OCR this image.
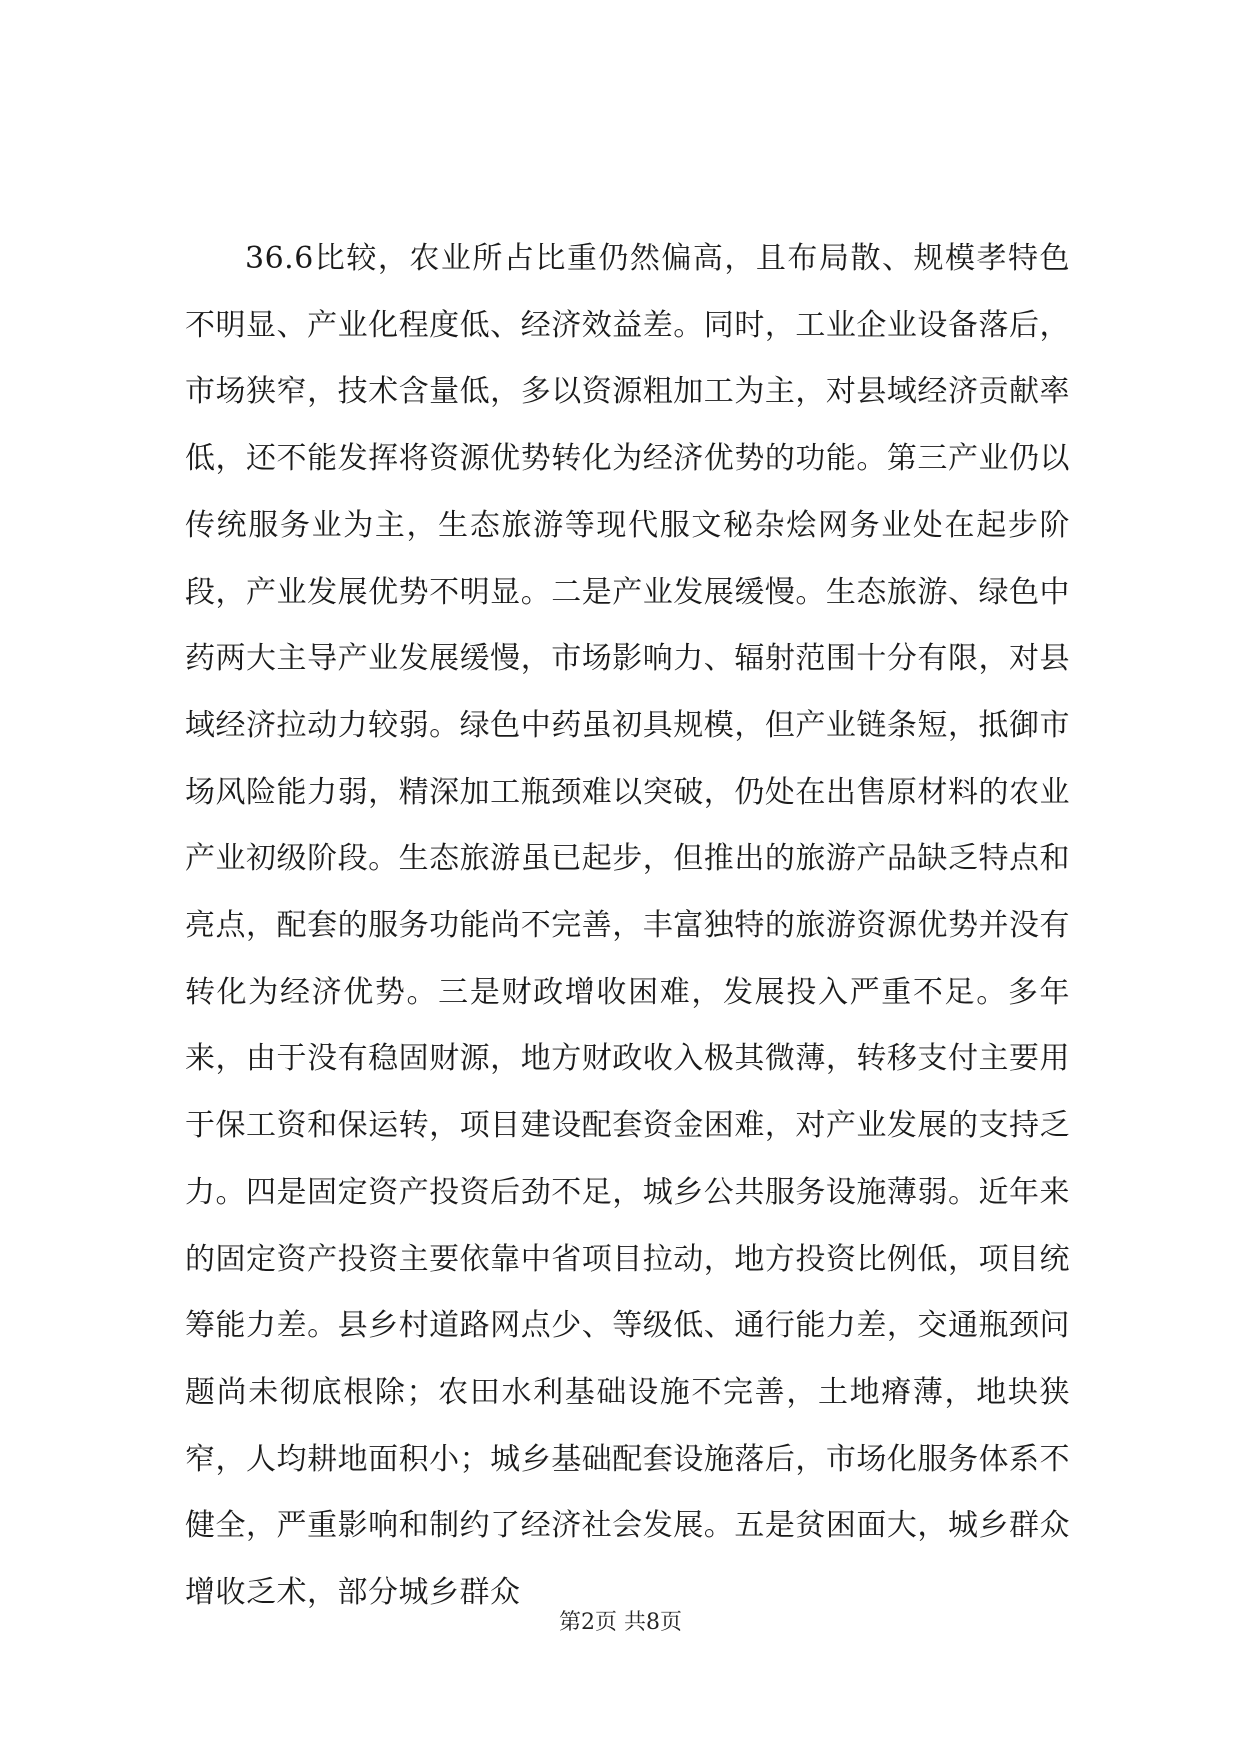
36.6比较，农业所占比重仍然偏高，且布局散、规模孝特色不明显、产业化程度低、经济效益差。同时，工业企业设备落后，市场狭窄，技术含量低，多以资源粗加工为主，对县域经济贡献率低，还不能发挥将资源优势转化为经济优势的功能。第三产业仍以传统服务业为主，生态旅游等现代服文秘杂烩网务业处在起步阶段，产业发展优势不明显。二是产业发展缓慢。生态旅游、绿色中药两大主导产业发展缓慢，市场影响力、辐射范围十分有限，对县域经济拉动力较弱。绿色中药虽初具规模，但产业链条短，抵御市场风险能力弱，精深加工瓶颈难以突破，仍处在出售原材料的农业产业初级阶段。生态旅游虽已起步，但推出的旅游产品缺乏特点和亮点，配套的服务功能尚不完善，丰富独特的旅游资源优势并没有转化为经济优势。三是财政增收困难，发展投入严重不足。多年来，由于没有稳固财源，地方财政收入极其微薄，转移支付主要用于保工资和保运转，项目建设配套资金困难，对产业发展的支持乏力。四是固定资产投资后劲不足，城乡公共服务设施薄弱。近年来的固定资产投资主要依靠中省项目拉动，地方投资比例低，项目统筹能力差。县乡村道路网点少、等级低、通行能力差，交通瓶颈问题尚未彻底根除；农田水利基础设施不完善，土地瘠薄，地块狭窄，人均耕地面积小；城乡基础配套设施落后，市场化服务体系不健全，严重影响和制约了经济社会发展。五是贫困面大，城乡群众增收乏术，部分城乡群众

第2页 共8页
